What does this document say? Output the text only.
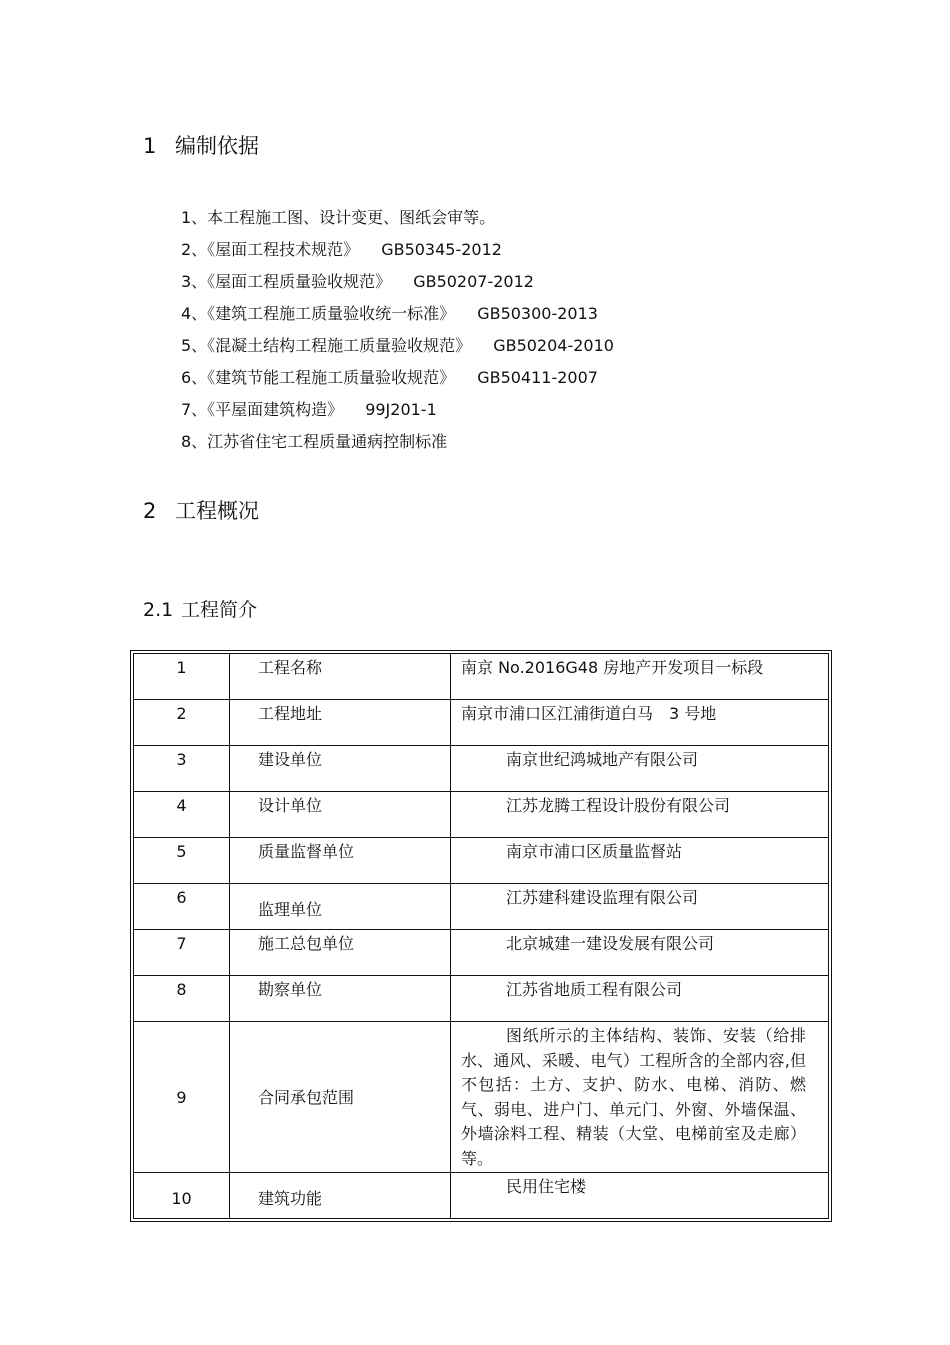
1 编制依据
1、本工程施工图、设计变更、图纸会审等。
2、《屋面工程技术规范》 GB50345-2012
3、《屋面工程质量验收规范》 GB50207-2012
4、《建筑工程施工质量验收统一标准》 GB50300-2013
5、《混凝土结构工程施工质量验收规范》 GB50204-2010
6、《建筑节能工程施工质量验收规范》 GB50411-2007
7、《平屋面建筑构造》 99J201-1
8、江苏省住宅工程质量通病控制标准
2 工程概况
2.1 工程简介
1	工程名称	南京 No.2016G48 房地产开发项目一标段
2	工程地址	南京市浦口区江浦街道白马　3 号地
3	建设单位	南京世纪鸿城地产有限公司

4	设计单位	江苏龙腾工程设计股份有限公司

5	质量监督单位	南京市浦口区质量监督站

6	监理单位	江苏建科建设监理有限公司

7	施工总包单位	北京城建一建设发展有限公司

8	勘察单位	江苏省地质工程有限公司

9	合同承包范围	图纸所示的主体结构、装饰、安装（给排水、通风、采暖、电气）工程所含的全部内容,但不包括：土方、支护、防水、电梯、消防、燃气、弱电、进户门、单元门、外窗、外墙保温、外墙涂料工程、精装（大堂、电梯前室及走廊）等。

10	建筑功能	民用住宅楼
